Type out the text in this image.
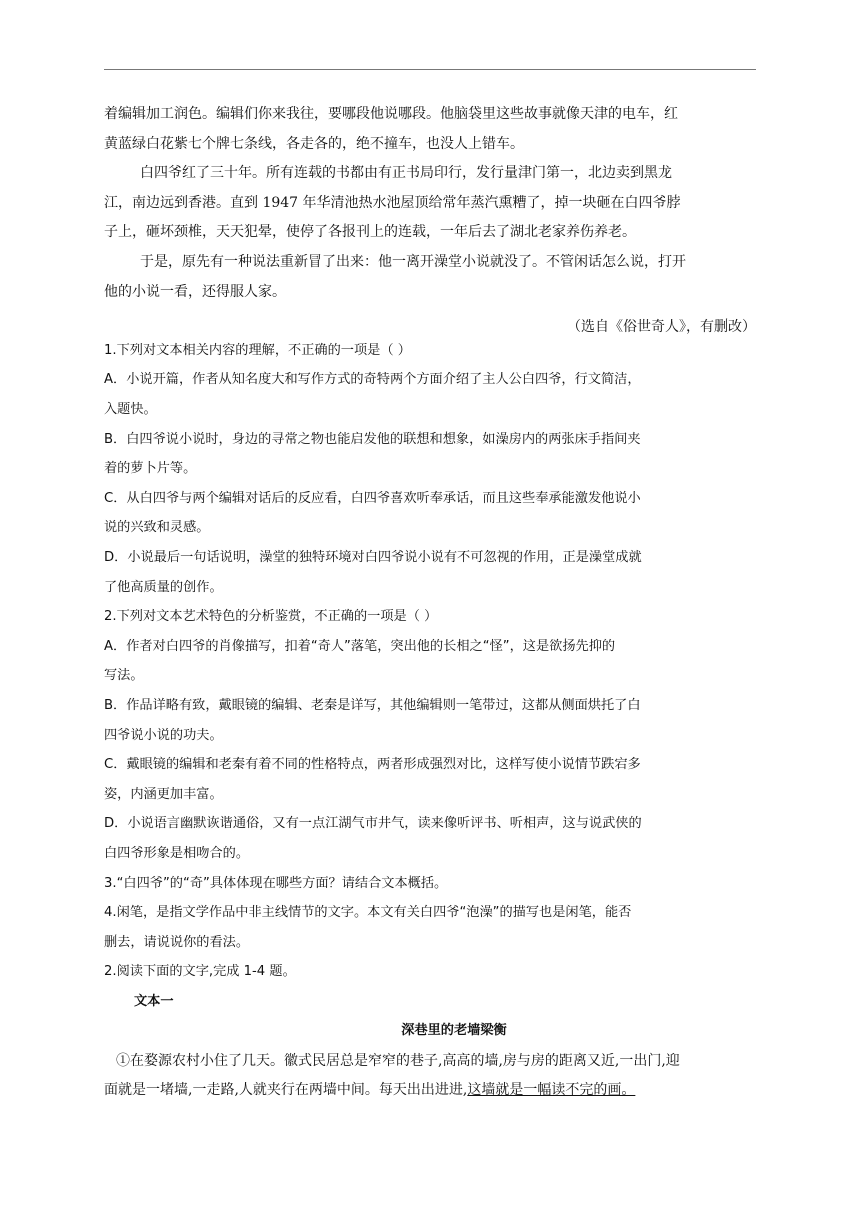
着编辑加工润色。编辑们你来我往，要哪段他说哪段。他脑袋里这些故事就像天津的电车，红
黄蓝绿白花紫七个牌七条线，各走各的，绝不撞车，也没人上错车。
白四爷红了三十年。所有连载的书都由有正书局印行，发行量津门第一，北边卖到黑龙
江，南边远到香港。直到 1947 年华清池热水池屋顶给常年蒸汽熏糟了，掉一块砸在白四爷脖
子上，砸坏颈椎，天天犯晕，使停了各报刊上的连载，一年后去了湖北老家养伤养老。
于是，原先有一种说法重新冒了出来：他一离开澡堂小说就没了。不管闲话怎么说，打开
他的小说一看，还得服人家。
（选自《俗世奇人》，有删改）
1.下列对文本相关内容的理解，不正确的一项是（ ）
A．小说开篇，作者从知名度大和写作方式的奇特两个方面介绍了主人公白四爷，行文简洁，
入题快。
B．白四爷说小说时，身边的寻常之物也能启发他的联想和想象，如澡房内的两张床手指间夹
着的萝卜片等。
C．从白四爷与两个编辑对话后的反应看，白四爷喜欢听奉承话，而且这些奉承能激发他说小
说的兴致和灵感。
D．小说最后一句话说明，澡堂的独特环境对白四爷说小说有不可忽视的作用，正是澡堂成就
了他高质量的创作。
2.下列对文本艺术特色的分析鉴赏，不正确的一项是（ ）
A．作者对白四爷的肖像描写，扣着“奇人”落笔，突出他的长相之“怪”，这是欲扬先抑的
写法。
B．作品详略有致，戴眼镜的编辑、老秦是详写，其他编辑则一笔带过，这都从侧面烘托了白
四爷说小说的功夫。
C．戴眼镜的编辑和老秦有着不同的性格特点，两者形成强烈对比，这样写使小说情节跌宕多
姿，内涵更加丰富。
D．小说语言幽默诙谐通俗，又有一点江湖气市井气，读来像听评书、听相声，这与说武侠的
白四爷形象是相吻合的。
3.“白四爷”的“奇”具体体现在哪些方面？请结合文本概括。
4.闲笔，是指文学作品中非主线情节的文字。本文有关白四爷“泡澡”的描写也是闲笔，能否
删去，请说说你的看法。
2.阅读下面的文字,完成 1-4 题。
文本一
深巷里的老墙梁衡
①在婺源农村小住了几天。徽式民居总是窄窄的巷子,高高的墙,房与房的距离又近,一出门,迎
面就是一堵墙,一走路,人就夹行在两墙中间。每天出出进进,这墙就是一幅读不完的画。
